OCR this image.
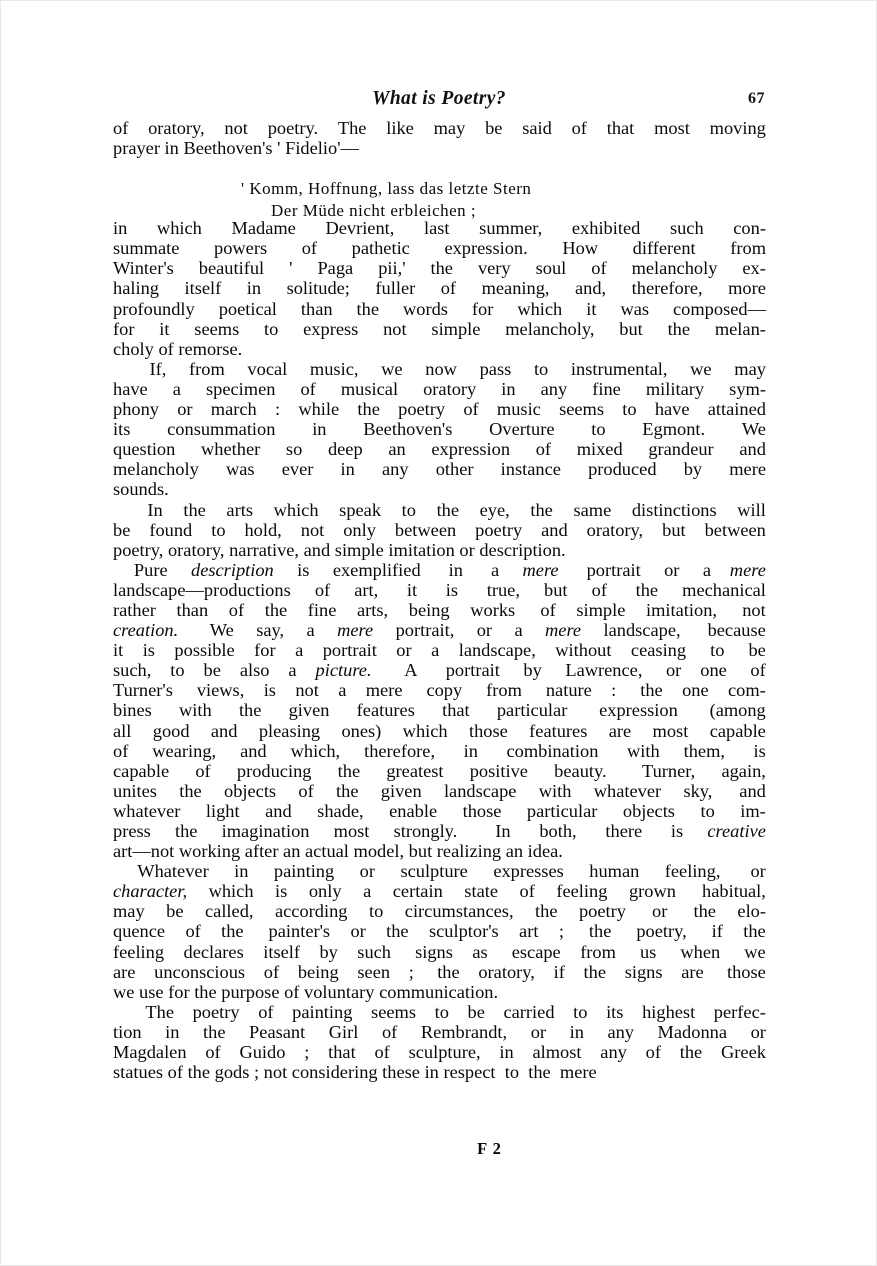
What is Poetry?	67
of oratory, not poetry. The like may be said of that most moving
prayer in Beethoven's ' Fidelio'—
in which Madame Devrient, last summer, exhibited such con-
summate powers of pathetic expression. How different from
Winter's beautiful ' Paga pii,' the very soul of melancholy ex-
haling itself in solitude; fuller of meaning, and, therefore, more
profoundly poetical than the words for which it was composed—
for it seems to express not simple melancholy, but the melan-
choly of remorse.

If, from vocal music, we now pass to instrumental, we may
have a specimen of musical oratory in any fine military sym-
phony or march : while the poetry of music seems to have attained
its consummation in Beethoven's Overture to Egmont. We
question whether so deep an expression of mixed grandeur and
melancholy was ever in any other instance produced by mere
sounds.

In the arts which speak to the eye, the same distinctions will
be found to hold, not only between poetry and oratory, but between
poetry, oratory, narrative, and simple imitation or description.

Pure
description
is
exemplified
in
a
mere
portrait
or
a
mere
landscape—productions
of
art,
it
is
true,
but
of
the
mechanical
rather
than
of
the
fine
arts,
being
works
of
simple
imitation,
not
creation.
We
say,
a
mere
portrait,
or
a
mere
landscape,
because
it
is
possible
for
a
portrait
or
a
landscape,
without
ceasing
to
be
such,
to
be
also
a
picture.
A
portrait
by
Lawrence,
or
one
of
Turner's
views,
is
not
a
mere
copy
from
nature
:
the
one
com-
bines
with
the
given
features
that
particular
expression
(among
all
good
and
pleasing
ones)
which
those
features
are
most
capable
of
wearing,
and
which,
therefore,
in
combination
with
them,
is
capable
of
producing
the
greatest
positive
beauty.
Turner,
again,
unites
the
objects
of
the
given
landscape
with
whatever
sky,
and
whatever
light
and
shade,
enable
those
particular
objects
to
im-
press
the
imagination
most
strongly.
In
both,
there
is
creative
art—not working after an actual model, but realizing an idea.

Whatever
in
painting
or
sculpture
expresses
human
feeling,
or
character,
which
is
only
a
certain
state
of
feeling
grown
habitual,
may
be
called,
according
to
circumstances,
the
poetry
or
the
elo-
quence
of
the
painter's
or
the
sculptor's
art
;
the
poetry,
if
the
feeling
declares
itself
by
such
signs
as
escape
from
us
when
we
are
unconscious
of
being
seen
;
the
oratory,
if
the
signs
are
those
we use for the purpose of voluntary communication.

The poetry of painting seems to be carried to its highest perfec-
tion in the Peasant Girl of Rembrandt, or in any Madonna or
Magdalen of Guido ; that of sculpture, in almost any of the Greek
statues of the gods ; not considering these in respect  to  the  mere
' Komm, Hoffnung, lass das letzte Stern
Der Müde nicht erbleichen ;
F 2
